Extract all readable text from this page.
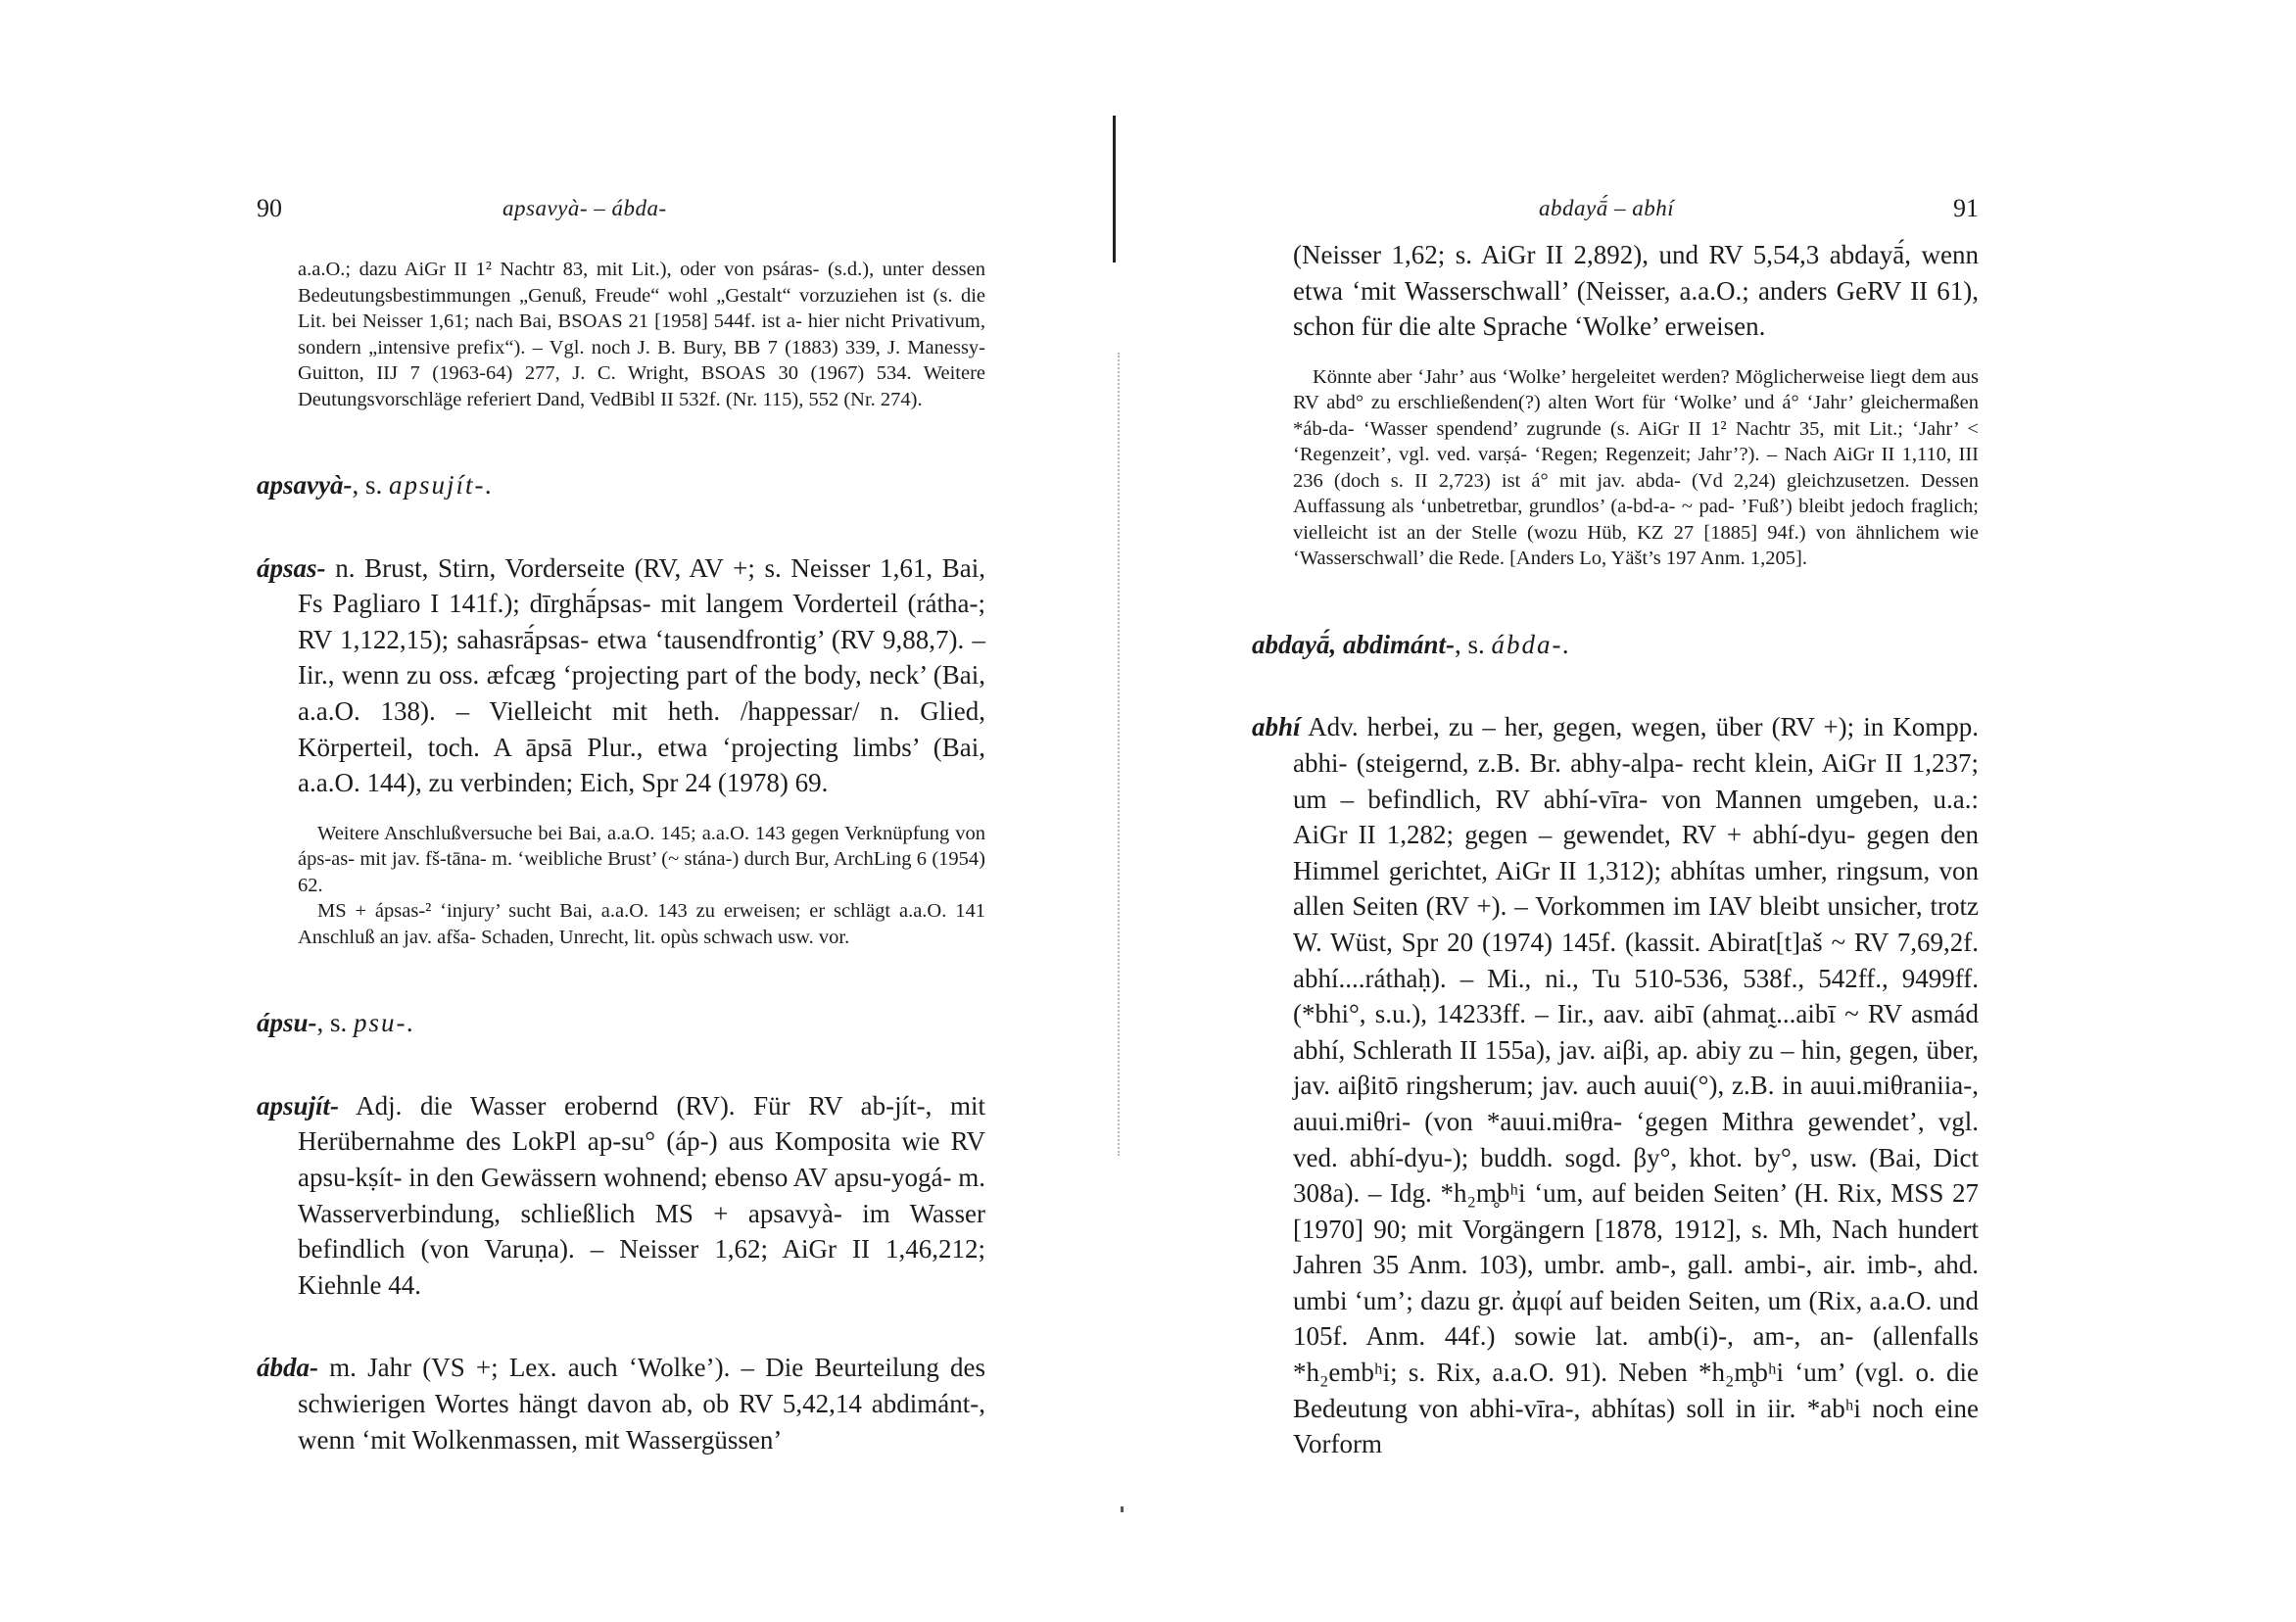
90	apsavyà- – ábda-

a.a.O.; dazu AiGr II 1² Nachtr 83, mit Lit.), oder von psáras- (s.d.), unter dessen Bedeutungsbestimmungen „Genuß, Freude“ wohl „Gestalt“ vorzuziehen ist (s. die Lit. bei Neisser 1,61; nach Bai, BSOAS 21 [1958] 544f. ist a- hier nicht Privativum, sondern „intensive prefix“). – Vgl. noch J. B. Bury, BB 7 (1883) 339, J. Manessy-Guitton, IIJ 7 (1963-64) 277, J. C. Wright, BSOAS 30 (1967) 534. Weitere Deutungsvorschläge referiert Dand, VedBibl II 532f. (Nr. 115), 552 (Nr. 274).

apsavyà-, s. apsujít-.

ápsas- n. Brust, Stirn, Vorderseite (RV, AV +; s. Neisser 1,61, Bai, Fs Pagliaro I 141f.); dīrghā́psas- mit langem Vorderteil (rátha-; RV 1,122,15); sahasrā́psas- etwa ‘tausendfrontig’ (RV 9,88,7). – Iir., wenn zu oss. æfcæg ‘projecting part of the body, neck’ (Bai, a.a.O. 138). – Vielleicht mit heth. /happessar/ n. Glied, Körperteil, toch. A āpsā Plur., etwa ‘projecting limbs’ (Bai, a.a.O. 144), zu verbinden; Eich, Spr 24 (1978) 69.

Weitere Anschlußversuche bei Bai, a.a.O. 145; a.a.O. 143 gegen Verknüpfung von áps-as- mit jav. fš-tāna- m. ‘weibliche Brust’ (~ stána-) durch Bur, ArchLing 6 (1954) 62.

MS + ápsas-² ‘injury’ sucht Bai, a.a.O. 143 zu erweisen; er schlägt a.a.O. 141 Anschluß an jav. afša- Schaden, Unrecht, lit. opùs schwach usw. vor.

ápsu-, s. psu-.

apsujít- Adj. die Wasser erobernd (RV). Für RV ab-jít-, mit Herübernahme des LokPl ap-su° (áp-) aus Komposita wie RV apsu-kṣít- in den Gewässern wohnend; ebenso AV apsu-yogá- m. Wasserverbindung, schließlich MS + apsavyà- im Wasser befindlich (von Varuṇa). – Neisser 1,62; AiGr II 1,46,212; Kiehnle 44.

ábda- m. Jahr (VS +; Lex. auch ‘Wolke’). – Die Beurteilung des schwierigen Wortes hängt davon ab, ob RV 5,42,14 abdimánt-, wenn ‘mit Wolkenmassen, mit Wassergüssen’

abdayā́ – abhí	91

(Neisser 1,62; s. AiGr II 2,892), und RV 5,54,3 abdayā́, wenn etwa ‘mit Wasserschwall’ (Neisser, a.a.O.; anders GeRV II 61), schon für die alte Sprache ‘Wolke’ erweisen.

Könnte aber ‘Jahr’ aus ‘Wolke’ hergeleitet werden? Möglicherweise liegt dem aus RV abd° zu erschließenden(?) alten Wort für ‘Wolke’ und á° ‘Jahr’ gleichermaßen *áb-da- ‘Wasser spendend’ zugrunde (s. AiGr II 1² Nachtr 35, mit Lit.; ‘Jahr’ < ‘Regenzeit’, vgl. ved. varṣá- ‘Regen; Regenzeit; Jahr’?). – Nach AiGr II 1,110, III 236 (doch s. II 2,723) ist á° mit jav. abda- (Vd 2,24) gleichzusetzen. Dessen Auffassung als ‘unbetretbar, grundlos’ (a-bd-a- ~ pad- ’Fuß’) bleibt jedoch fraglich; vielleicht ist an der Stelle (wozu Hüb, KZ 27 [1885] 94f.) von ähnlichem wie ‘Wasserschwall’ die Rede. [Anders Lo, Yäšt’s 197 Anm. 1,205].

abdayā́, abdimánt-, s. ábda-.

abhí Adv. herbei, zu – her, gegen, wegen, über (RV +); in Kompp. abhi- (steigernd, z.B. Br. abhy-alpa- recht klein, AiGr II 1,237; um – befindlich, RV abhí-vīra- von Mannen umgeben, u.a.: AiGr II 1,282; gegen – gewendet, RV + abhí-dyu- gegen den Himmel gerichtet, AiGr II 1,312); abhítas umher, ringsum, von allen Seiten (RV +). – Vorkommen im IAV bleibt unsicher, trotz W. Wüst, Spr 20 (1974) 145f. (kassit. Abirat[t]aš ~ RV 7,69,2f. abhí....ráthaḥ). – Mi., ni., Tu 510-536, 538f., 542ff., 9499ff. (*bhi°, s.u.), 14233ff. – Iir., aav. aibī (ahmat̰...aibī ~ RV asmád abhí, Schlerath II 155a), jav. aiβi, ap. abiy zu – hin, gegen, über, jav. aiβitō ringsherum; jav. auch auui(°), z.B. in auui.miθraniia-, auui.miθri- (von *auui.miθra- ‘gegen Mithra gewendet’, vgl. ved. abhí-dyu-); buddh. sogd. βy°, khot. by°, usw. (Bai, Dict 308a). – Idg. *h₂m̥bʰi ‘um, auf beiden Seiten’ (H. Rix, MSS 27 [1970] 90; mit Vorgängern [1878, 1912], s. Mh, Nach hundert Jahren 35 Anm. 103), umbr. amb-, gall. ambi-, air. imb-, ahd. umbi ‘um’; dazu gr. ἀμφί auf beiden Seiten, um (Rix, a.a.O. und 105f. Anm. 44f.) sowie lat. amb(i)-, am-, an- (allenfalls *h₂embʰi; s. Rix, a.a.O. 91). Neben *h₂m̥bʰi ‘um’ (vgl. o. die Bedeutung von abhi-vīra-, abhítas) soll in iir. *abʰi noch eine Vorform
